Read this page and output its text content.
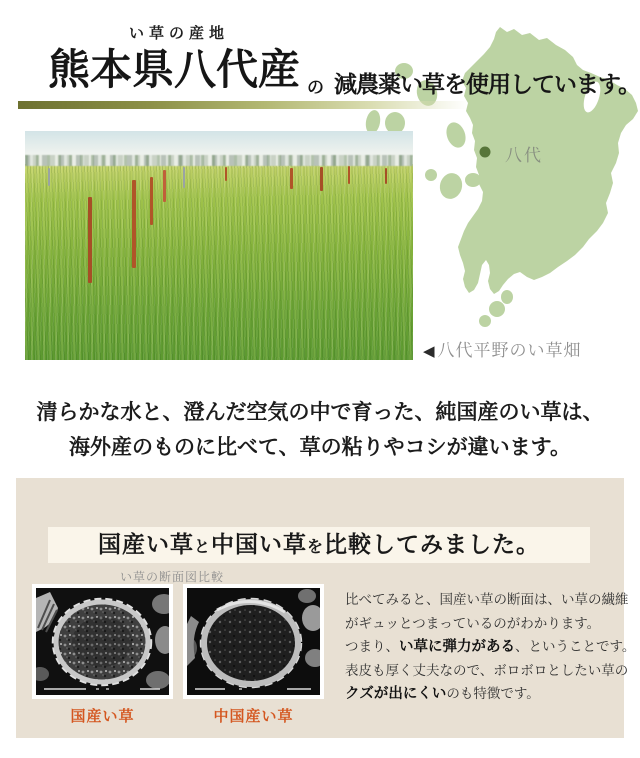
八代
い草の産地
熊本県八代産 の 減農薬い草を使用しています。
◀ 八代平野のい草畑
清らかな水と、澄んだ空気の中で育った、純国産のい草は、
海外産のものに比べて、草の粘りやコシが違います。
国産い草と中国い草を比較してみました。
い草の断面図比較
国産い草	中国産い草
比べてみると、国産い草の断面は、い草の繊維
がギュッとつまっているのがわかります。
つまり、い草に弾力がある、ということです。
表皮も厚く丈夫なので、ボロボロとしたい草の
クズが出にくいのも特徴です。
